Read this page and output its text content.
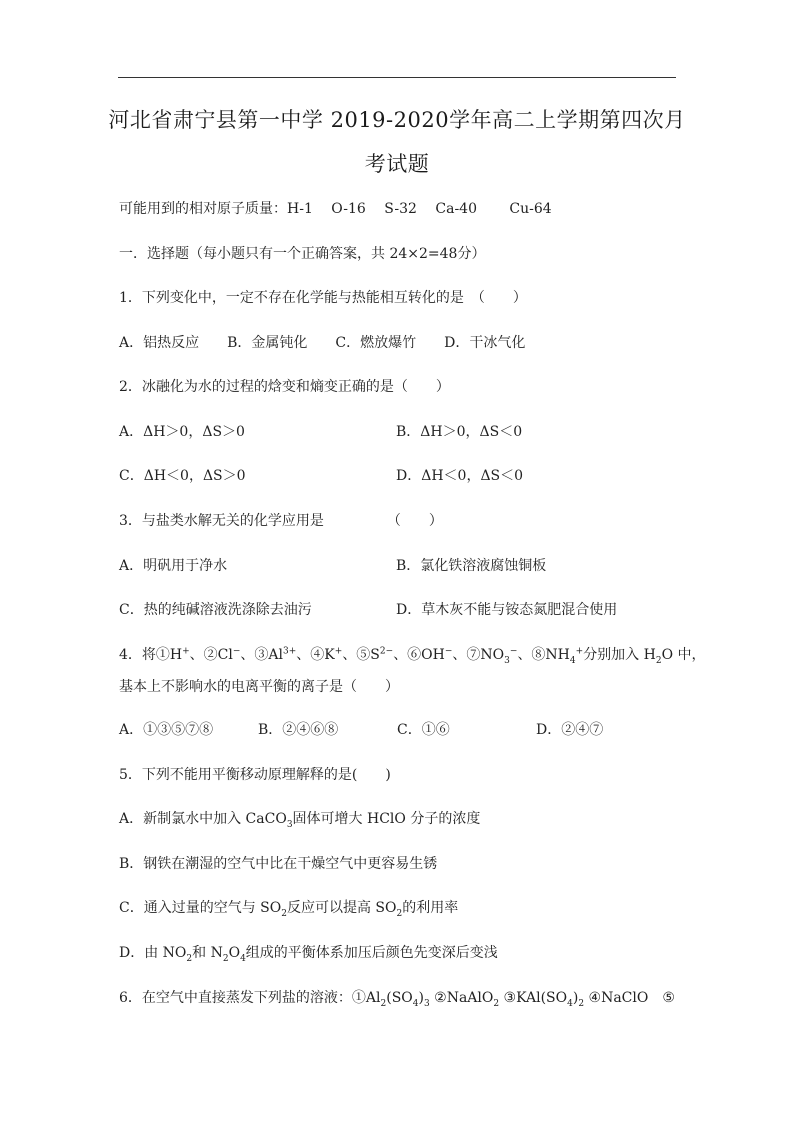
河北省肃宁县第一中学 2019-2020学年高二上学期第四次月
考试题
可能用到的相对原子质量：H-1　 O-16　 S-32　 Ca-40　　 Cu-64
一．选择题（每小题只有一个正确答案，共 24×2=48分）
1．下列变化中，一定不存在化学能与热能相互转化的是　（　　）
A．铝热反应　　B．金属钝化　　C．燃放爆竹　　D．干冰气化
2．冰融化为水的过程的焓变和熵变正确的是（　　）
A．ΔH＞0，ΔS＞0	B．ΔH＞0，ΔS＜0
C．ΔH＜0，ΔS＞0	D．ΔH＜0，ΔS＜0
3．与盐类水解无关的化学应用是　　　　　（　　）
A．明矾用于净水	B．氯化铁溶液腐蚀铜板
C．热的纯碱溶液洗涤除去油污	D．草木灰不能与铵态氮肥混合使用
4．将①H+、②Cl−、$③Al^{3+}$、④K+、$⑤S^{2-}$、⑥OH−、$⑦NO_3^-$、$⑧NH_4^+$分别加入 $H_2O$ 中，
基本上不影响水的电离平衡的离子是（　　）
A．①③⑤⑦⑧	B．②④⑥⑧	C．①⑥	D．②④⑦
5．下列不能用平衡移动原理解释的是(　　)
A．新制氯水中加入 CaCO$_3$固体可增大 HClO 分子的浓度
B．钢铁在潮湿的空气中比在干燥空气中更容易生锈
C．通入过量的空气与 $SO_2$反应可以提高 $SO_2$的利用率
D．由 $NO_2$和 $N_2O_4$组成的平衡体系加压后颜色先变深后变浅
6．在空气中直接蒸发下列盐的溶液：$①Al_2(SO_4)_3$ ②NaAlO$_2$ $③KAl(SO_4)_2$ ④NaClO　⑤
